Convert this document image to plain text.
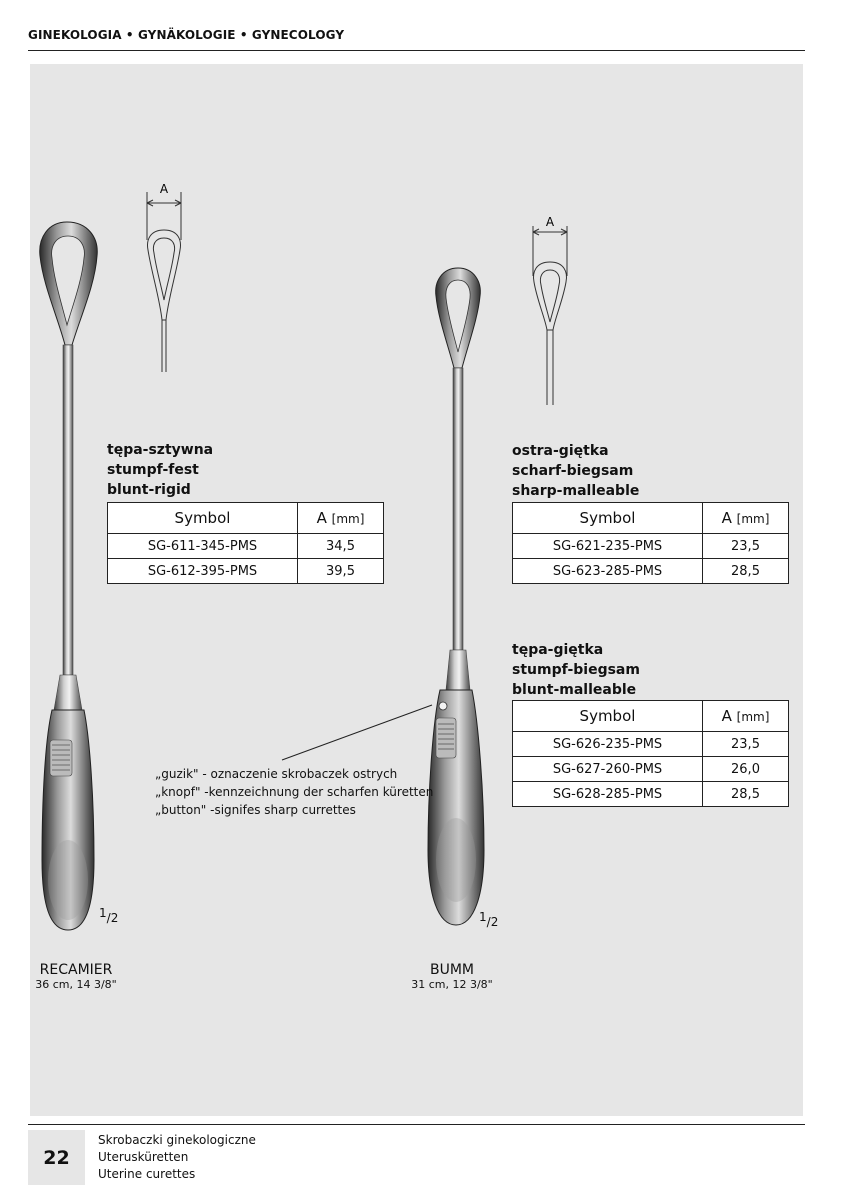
GINEKOLOGIA • GYNÄKOLOGIE • GYNECOLOGY
A
A
tępa-sztywna
stumpf-fest
blunt-rigid
Symbol	A [mm]
SG-611-345-PMS	34,5
SG-612-395-PMS	39,5
ostra-giętka
scharf-biegsam
sharp-malleable
Symbol	A [mm]
SG-621-235-PMS	23,5
SG-623-285-PMS	28,5
tępa-giętka
stumpf-biegsam
blunt-malleable
Symbol	A [mm]
SG-626-235-PMS	23,5
SG-627-260-PMS	26,0
SG-628-285-PMS	28,5
„guzik" - oznaczenie skrobaczek ostrych
„knopf" -kennzeichnung der scharfen küretten
„button" -signifes sharp currettes
$^1$/2	$^1$/2
RECAMIER
36 cm, 14 3/8"
BUMM
31 cm, 12 3/8"
22
Skrobaczki ginekologiczne
Uterusküretten
Uterine curettes
